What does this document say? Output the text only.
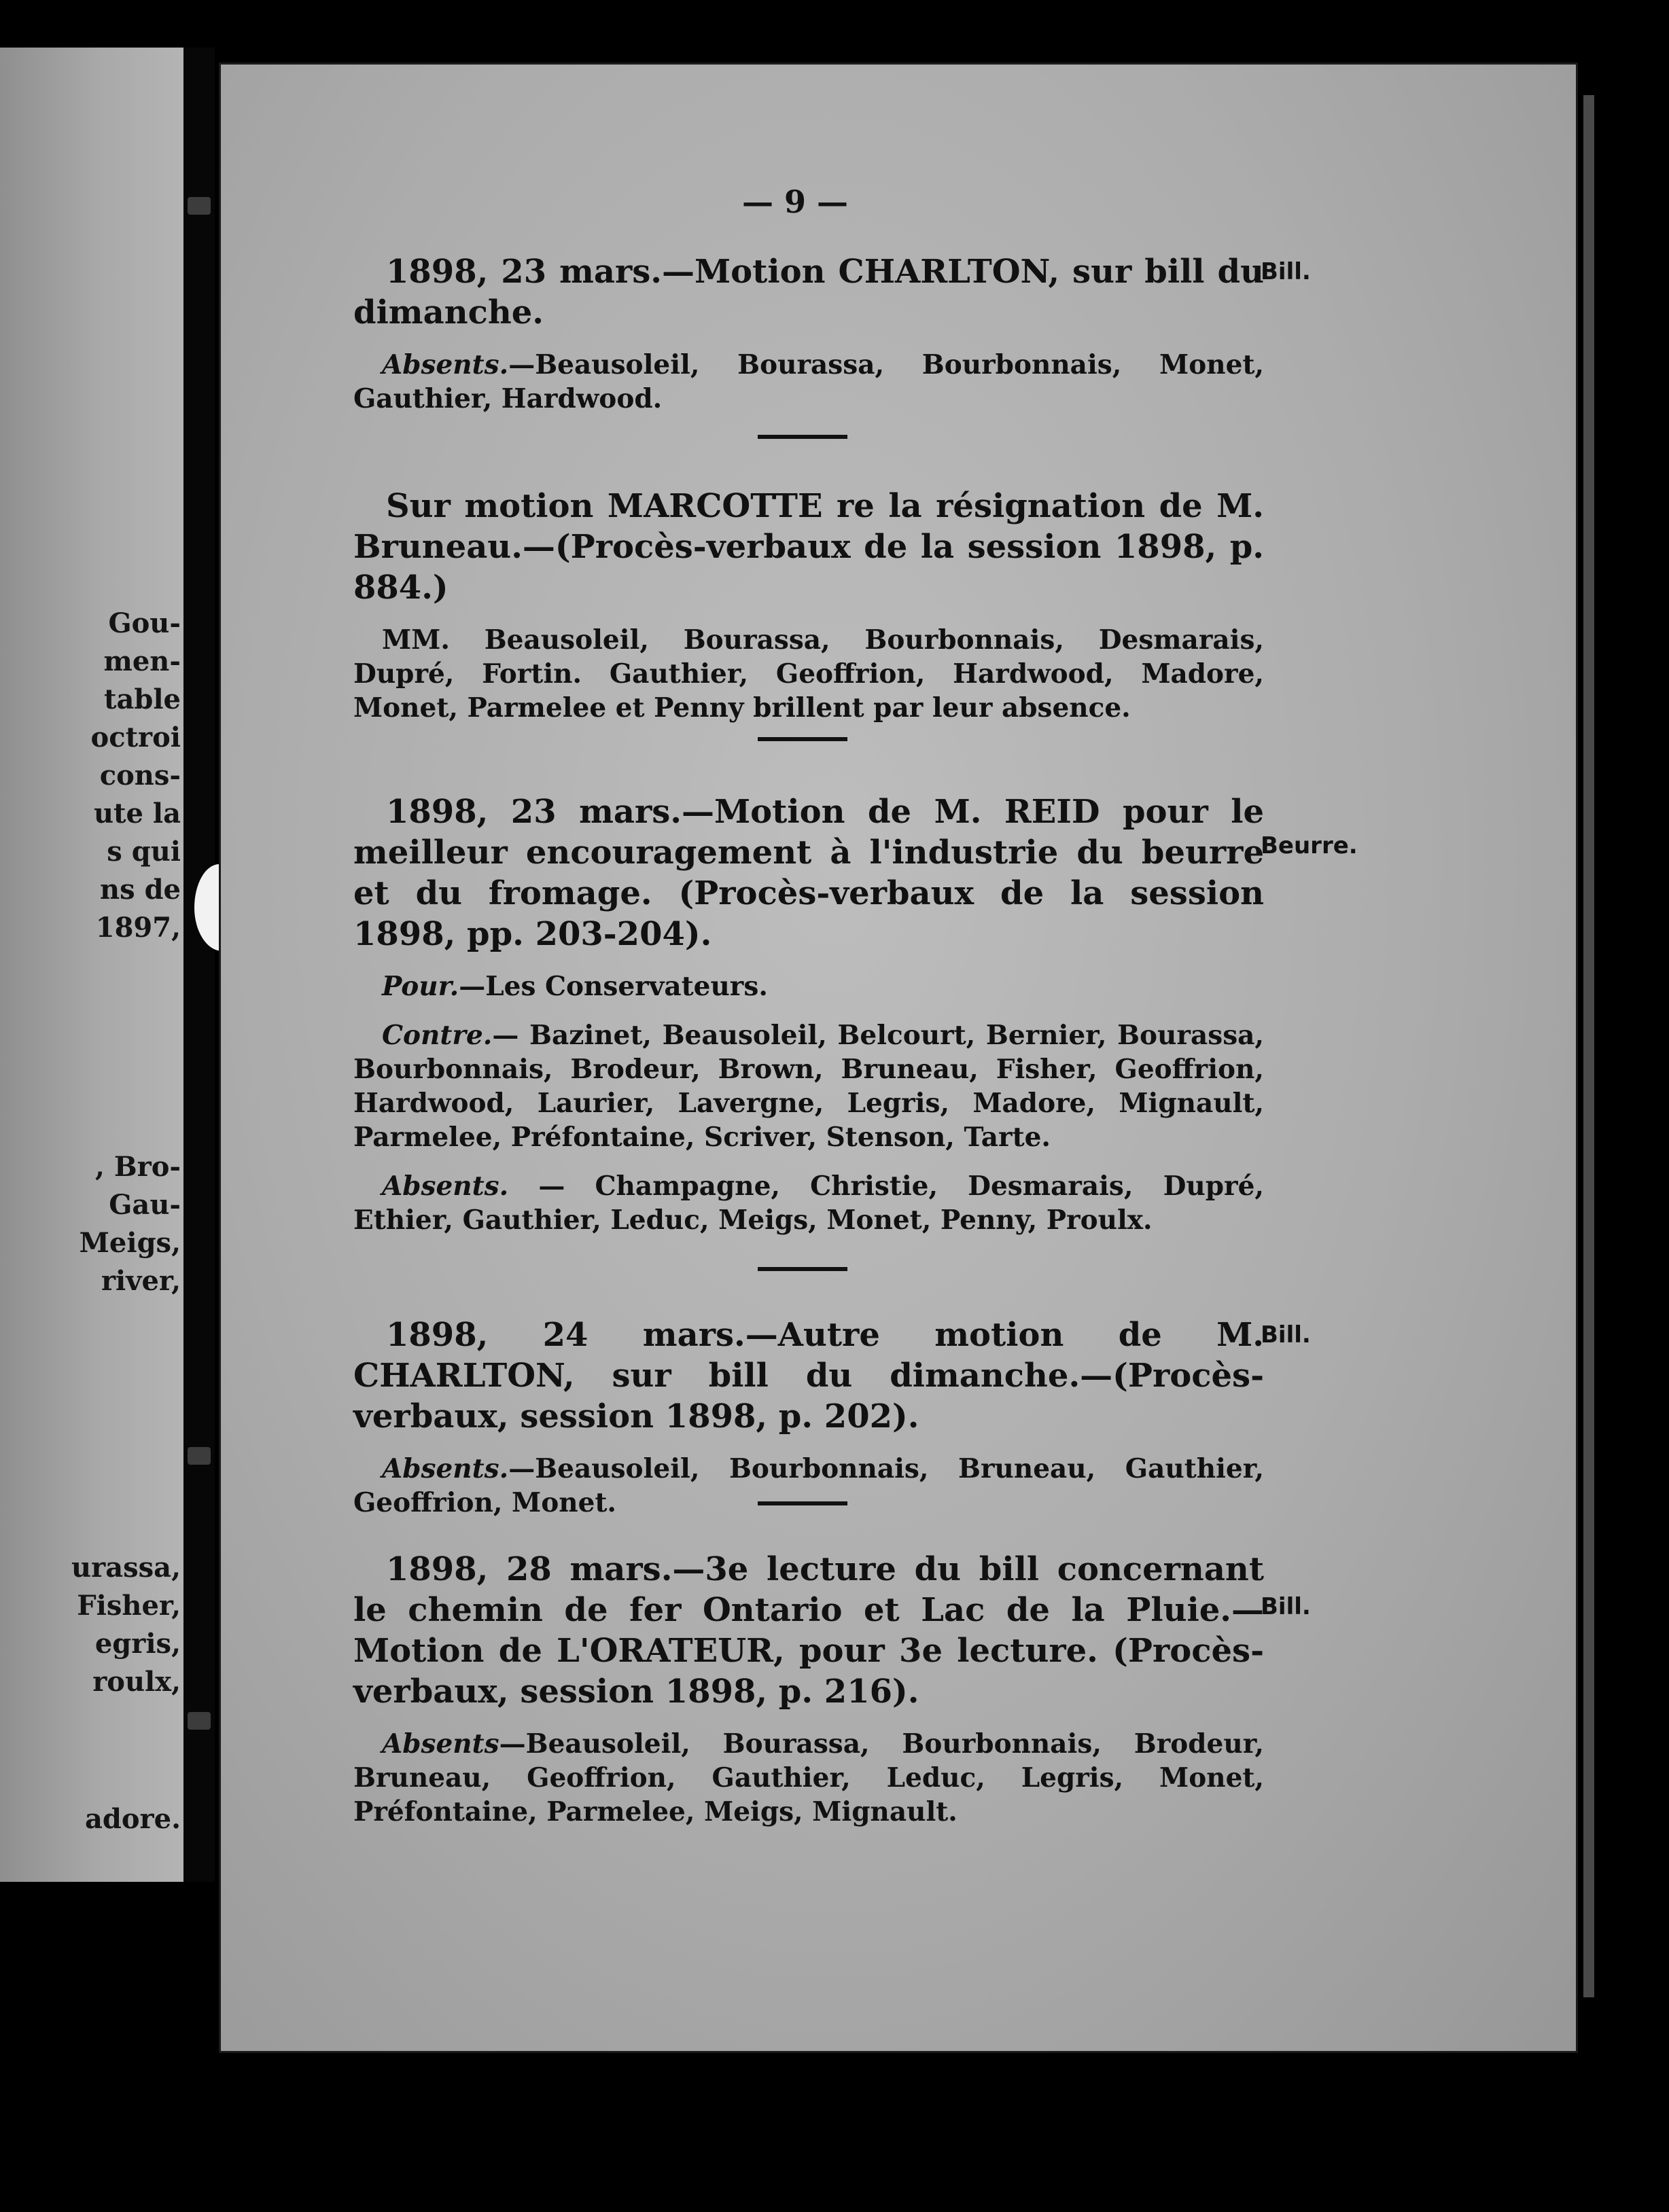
Gou-
men-
table
octroi
cons-
ute la
s qui
ns de
1897,

, Bro-
Gau-
Meigs,
river,

urassa,
Fisher,
egris,
roulx,

adore.

— 9 —

1898, 23 mars.—Motion CHARLTON, sur bill du dimanche.

Absents.—Beausoleil, Bourassa, Bourbonnais, Monet, Gauthier, Hardwood.

Bill.

Sur motion MARCOTTE re la résignation de M. Bruneau.—(Procès-verbaux de la session 1898, p. 884.)

MM. Beausoleil, Bourassa, Bourbonnais, Desmarais, Dupré, Fortin. Gauthier, Geoffrion, Hardwood, Madore, Monet, Parmelee et Penny brillent par leur absence.

1898, 23 mars.—Motion de M. REID pour le meilleur encouragement à l'industrie du beurre et du fromage. (Procès-verbaux de la session 1898, pp. 203-204).

Pour.—Les Conservateurs.

Contre.— Bazinet, Beausoleil, Belcourt, Bernier, Bourassa, Bourbonnais, Brodeur, Brown, Bruneau, Fisher, Geoffrion, Hardwood, Laurier, Lavergne, Legris, Madore, Mignault, Parmelee, Préfontaine, Scriver, Stenson, Tarte.

Absents. — Champagne, Christie, Desmarais, Dupré, Ethier, Gauthier, Leduc, Meigs, Monet, Penny, Proulx.

Beurre.

1898, 24 mars.—Autre motion de M. CHARLTON, sur bill du dimanche.—(Procès-verbaux, session 1898, p. 202).

Absents.—Beausoleil, Bourbonnais, Bruneau, Gauthier, Geoffrion, Monet.

Bill.

1898, 28 mars.—3e lecture du bill concernant le chemin de fer Ontario et Lac de la Pluie.—Motion de L'ORATEUR, pour 3e lecture. (Procès-verbaux, session 1898, p. 216).

Absents—Beausoleil, Bourassa, Bourbonnais, Brodeur, Bruneau, Geoffrion, Gauthier, Leduc, Legris, Monet, Préfontaine, Parmelee, Meigs, Mignault.

Bill.
